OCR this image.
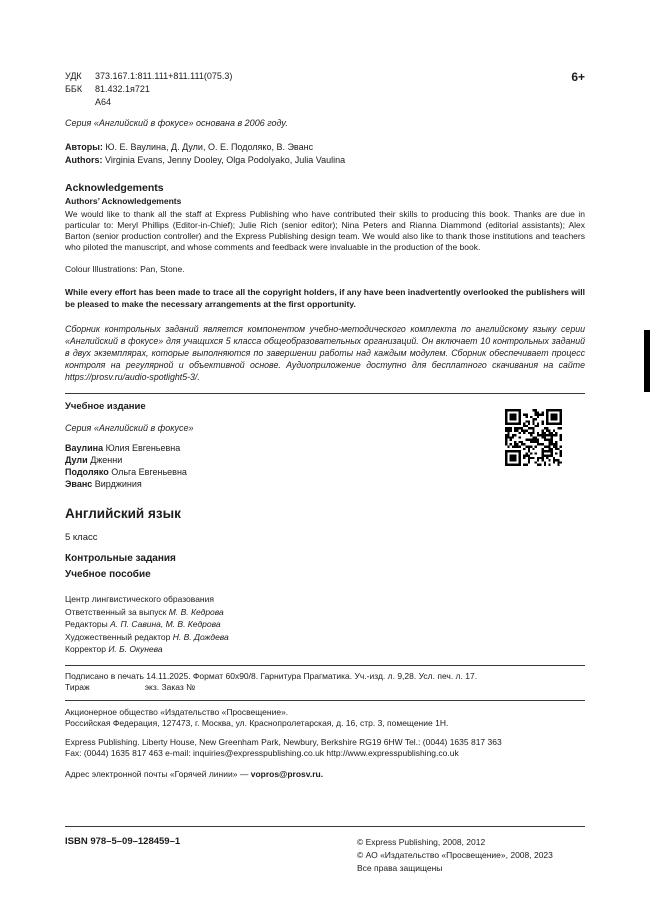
УДК	373.167.1:811.111+811.111(075.3)
ББК	81.432.1я721
А64
6+

Серия «Английский в фокусе» основана в 2006 году.

Авторы: Ю. Е. Ваулина, Д. Дули, О. Е. Подоляко, В. Эванс

Authors: Virginia Evans, Jenny Dooley, Olga Podolyako, Julia Vaulina

Acknowledgements
Authors’ Acknowledgements

We would like to thank all the staff at Express Publishing who have contributed their skills to producing this book. Thanks are due in particular to: Meryl Phillips (Editor-in-Chief); Julie Rich (senior editor); Nina Peters and Rianna Diammond (editorial assistants); Alex Barton (senior production controller) and the Express Publishing design team. We would also like to thank those institutions and teachers who piloted the manuscript, and whose comments and feedback were invaluable in the production of the book.

Colour Illustrations: Pan, Stone.

While every effort has been made to trace all the copyright holders, if any have been inadvertently overlooked the publishers will be pleased to make the necessary arrangements at the first opportunity.

Сборник контрольных заданий является компонентом учебно-методического комплекта по английскому языку серии «Английский в фокусе» для учащихся 5 класса общеобразовательных организаций. Он включает 10 контрольных заданий в двух экземплярах, которые выполняются по завершении работы над каждым модулем. Сборник обеспечивает процесс контроля на регулярной и объективной основе. Аудиоприложение доступно для бесплатного скачивания на сайте https://prosv.ru/audio-spotlight5-3/.

Учебное издание

Серия «Английский в фокусе»

Ваулина Юлия Евгеньевна

Дули Дженни

Подоляко Ольга Евгеньевна

Эванс Вирджиния

Английский язык

5 класс

Контрольные задания

Учебное пособие

Центр лингвистического образования

Ответственный за выпуск М. В. Кедрова

Редакторы А. П. Савина, М. В. Кедрова

Художественный редактор Н. В. Дождева

Корректор И. Б. Окунева

Подписано в печать 14.11.2025. Формат 60x90/8. Гарнитура Прагматика. Уч.-изд. л. 9,28. Усл. печ. л. 17.

Тираж	экз. Заказ №

Акционерное общество «Издательство «Просвещение».

Российская Федерация, 127473, г. Москва, ул. Краснопролетарская, д. 16, стр. 3, помещение 1Н.

Express Publishing. Liberty House, New Greenham Park, Newbury, Berkshire RG19 6HW Tel.: (0044) 1635 817 363

Fax: (0044) 1635 817 463 e-mail: inquiries@expresspublishing.co.uk http://www.expresspublishing.co.uk

Адрес электронной почты «Горячей линии» — vopros@prosv.ru.

ISBN 978–5–09–128459–1	© Express Publishing, 2008, 2012

© АО «Издательство «Просвещение», 2008, 2023

Все права защищены
